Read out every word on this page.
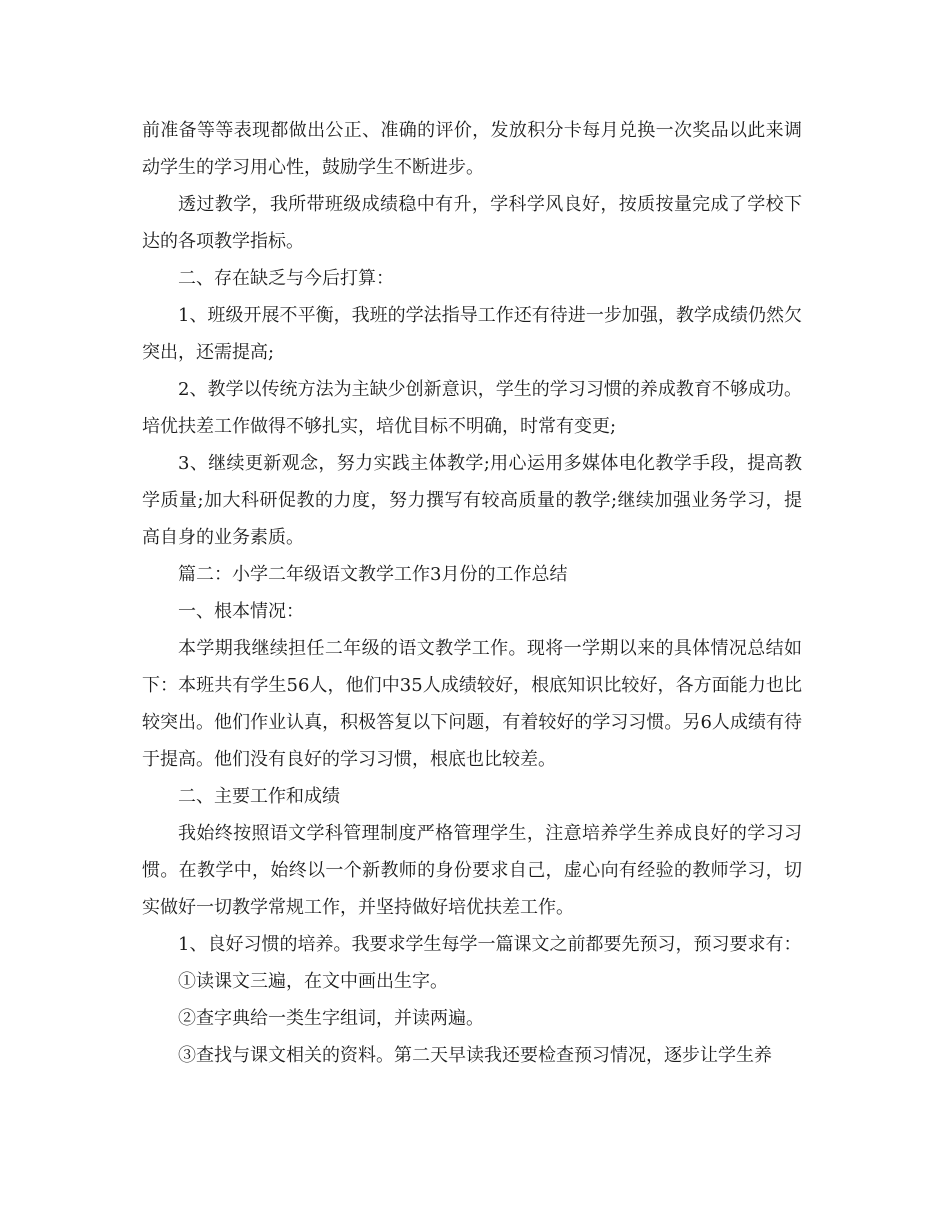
前准备等等表现都做出公正、准确的评价，发放积分卡每月兑换一次奖品以此来调动学生的学习用心性，鼓励学生不断进步。

透过教学，我所带班级成绩稳中有升，学科学风良好，按质按量完成了学校下达的各项教学指标。

二、存在缺乏与今后打算：

1、班级开展不平衡，我班的学法指导工作还有待进一步加强，教学成绩仍然欠突出，还需提高;

2、教学以传统方法为主缺少创新意识，学生的学习习惯的养成教育不够成功。培优扶差工作做得不够扎实，培优目标不明确，时常有变更;

3、继续更新观念，努力实践主体教学;用心运用多媒体电化教学手段，提高教学质量;加大科研促教的力度，努力撰写有较高质量的教学;继续加强业务学习，提高自身的业务素质。

篇二：小学二年级语文教学工作3月份的工作总结

一、根本情况：

本学期我继续担任二年级的语文教学工作。现将一学期以来的具体情况总结如下：本班共有学生56人，他们中35人成绩较好，根底知识比较好，各方面能力也比较突出。他们作业认真，积极答复以下问题，有着较好的学习习惯。另6人成绩有待于提高。他们没有良好的学习习惯，根底也比较差。

二、主要工作和成绩

我始终按照语文学科管理制度严格管理学生，注意培养学生养成良好的学习习惯。在教学中，始终以一个新教师的身份要求自己，虚心向有经验的教师学习，切实做好一切教学常规工作，并坚持做好培优扶差工作。

1、良好习惯的培养。我要求学生每学一篇课文之前都要先预习，预习要求有：

①读课文三遍，在文中画出生字。

②查字典给一类生字组词，并读两遍。

③查找与课文相关的资料。第二天早读我还要检查预习情况，逐步让学生养
